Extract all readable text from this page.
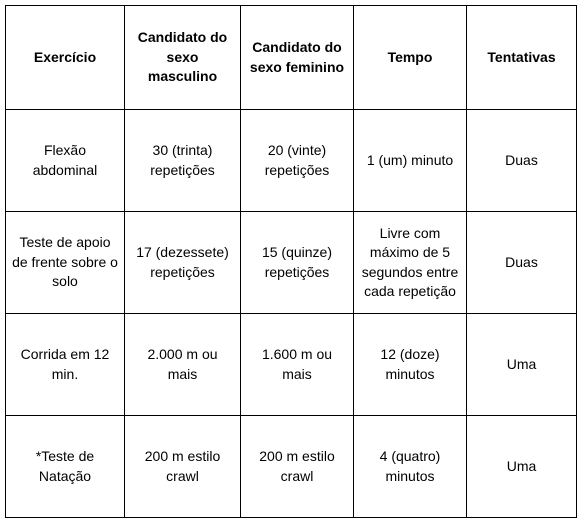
Exercício	Candidato do sexo masculino	Candidato do sexo feminino	Tempo	Tentativas
Flexão abdominal	30 (trinta) repetições	20 (vinte) repetições	1 (um) minuto	Duas
Teste de apoio de frente sobre o solo	17 (dezessete) repetições	15 (quinze) repetições	Livre com máximo de 5 segundos entre cada repetição	Duas
Corrida em 12 min.	2.000 m ou mais	1.600 m ou mais	12 (doze) minutos	Uma
*Teste de Natação	200 m estilo crawl	200 m estilo crawl	4 (quatro) minutos	Uma
